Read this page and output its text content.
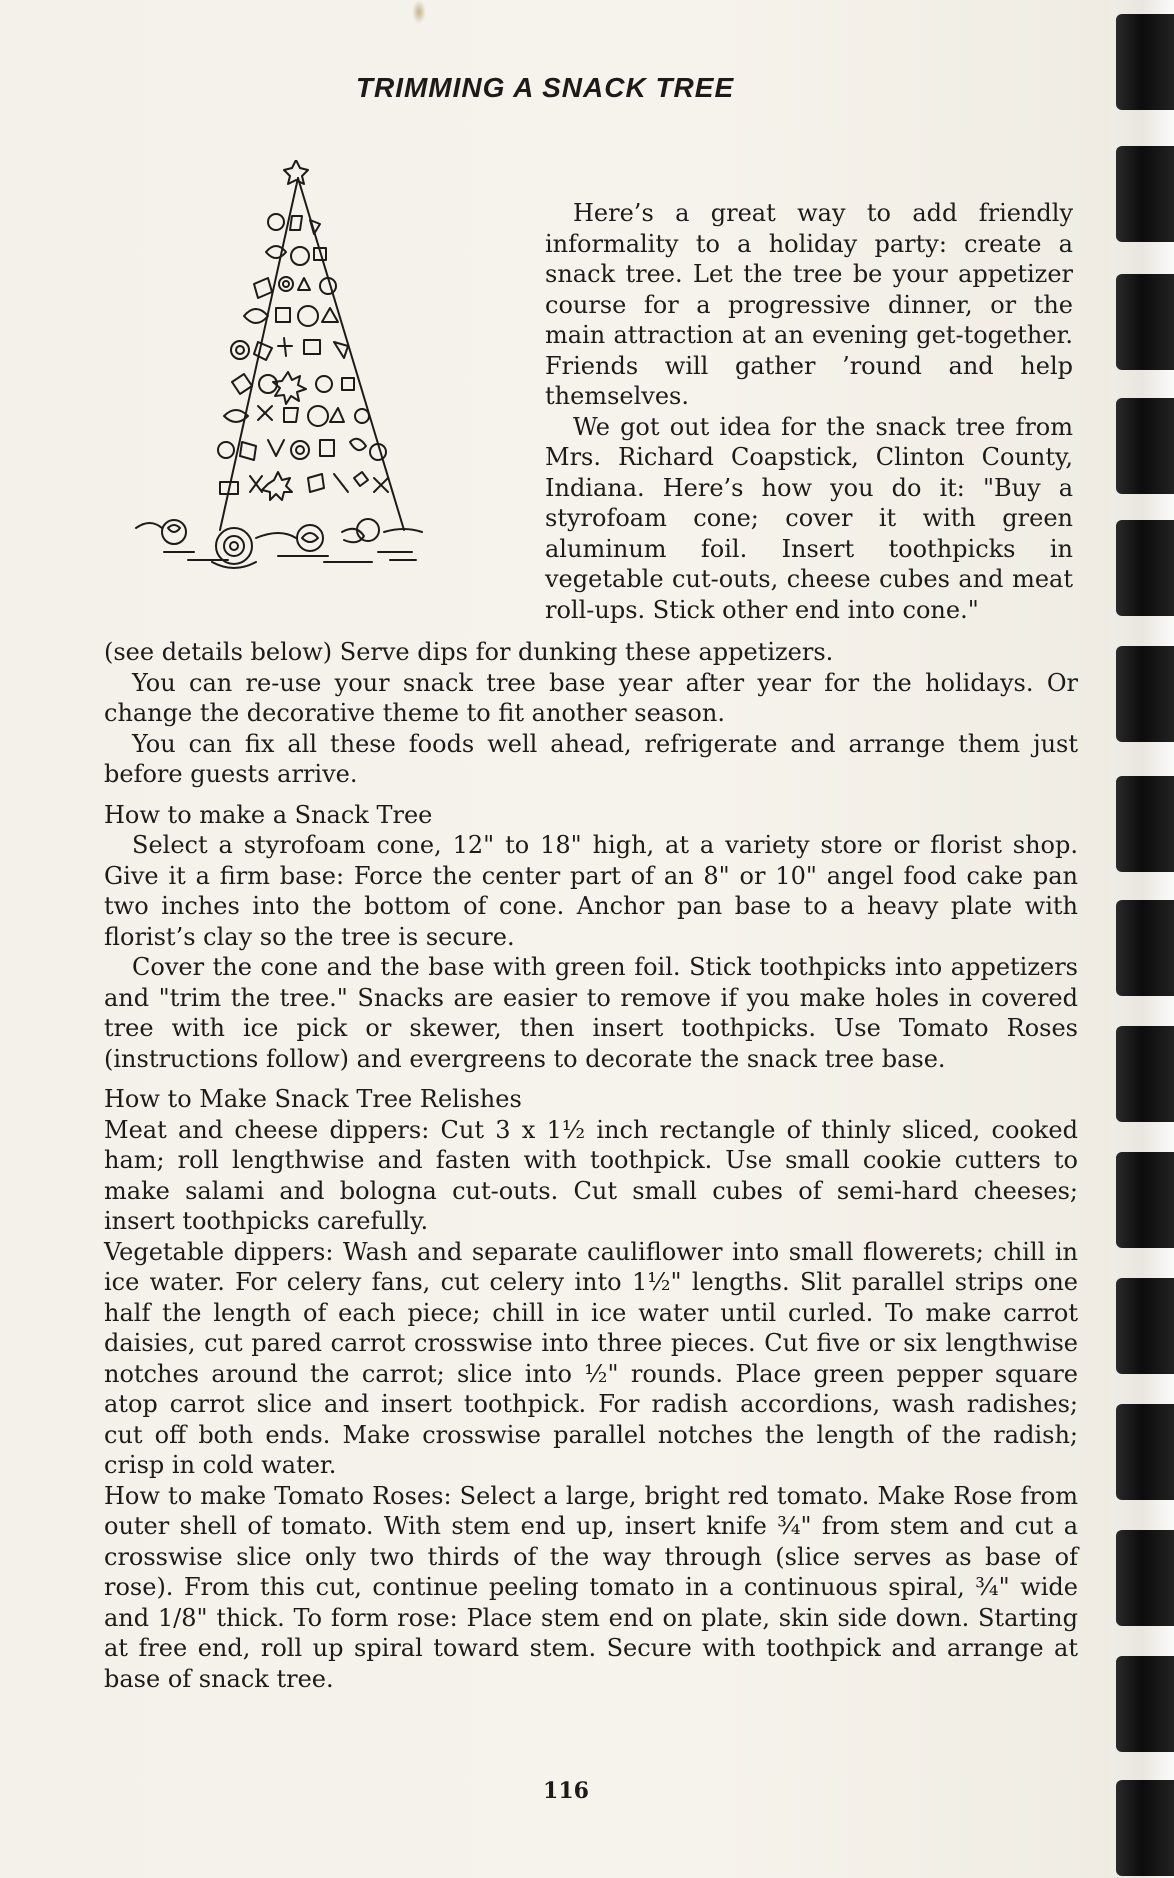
TRIMMING A SNACK TREE

Here’s a great way to add friendly informality to a holiday party: create a snack tree. Let the tree be your appetizer course for a progressive dinner, or the main attraction at an evening get-together. Friends will gather ’round and help themselves.

We got out idea for the snack tree from Mrs. Richard Coapstick, Clinton County, Indiana. Here’s how you do it: "Buy a styrofoam cone; cover it with green aluminum foil. Insert toothpicks in vegetable cut-outs, cheese cubes and meat roll-ups. Stick other end into cone."

(see details below) Serve dips for dunking these appetizers.

You can re-use your snack tree base year after year for the holidays. Or change the decorative theme to fit another season.

You can fix all these foods well ahead, refrigerate and arrange them just before guests arrive.

How to make a Snack Tree

Select a styrofoam cone, 12" to 18" high, at a variety store or florist shop. Give it a firm base: Force the center part of an 8" or 10" angel food cake pan two inches into the bottom of cone. Anchor pan base to a heavy plate with florist’s clay so the tree is secure.

Cover the cone and the base with green foil. Stick toothpicks into appetizers and "trim the tree." Snacks are easier to remove if you make holes in covered tree with ice pick or skewer, then insert toothpicks. Use Tomato Roses (instructions follow) and evergreens to decorate the snack tree base.

How to Make Snack Tree Relishes

Meat and cheese dippers: Cut 3 x 1½ inch rectangle of thinly sliced, cooked ham; roll lengthwise and fasten with toothpick. Use small cookie cutters to make salami and bologna cut-outs. Cut small cubes of semi-hard cheeses; insert toothpicks carefully.

Vegetable dippers: Wash and separate cauliflower into small flowerets; chill in ice water. For celery fans, cut celery into 1½" lengths. Slit parallel strips one half the length of each piece; chill in ice water until curled. To make carrot daisies, cut pared carrot crosswise into three pieces. Cut five or six lengthwise notches around the carrot; slice into ½" rounds. Place green pepper square atop carrot slice and insert toothpick. For radish accordions, wash radishes; cut off both ends. Make crosswise parallel notches the length of the radish; crisp in cold water.

How to make Tomato Roses: Select a large, bright red tomato. Make Rose from outer shell of tomato. With stem end up, insert knife ¾" from stem and cut a crosswise slice only two thirds of the way through (slice serves as base of rose). From this cut, continue peeling tomato in a continuous spiral, ¾" wide and 1/8" thick. To form rose: Place stem end on plate, skin side down. Starting at free end, roll up spiral toward stem. Secure with toothpick and arrange at base of snack tree.

116
